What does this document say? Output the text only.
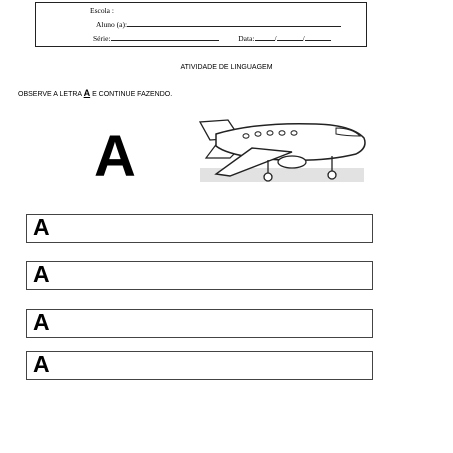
Escola :
Aluno (a):
Série:	Data:	/	/
ATIVIDADE DE LINGUAGEM
OBSERVE A LETRA A E CONTINUE FAZENDO.
A
A
A
A
A
